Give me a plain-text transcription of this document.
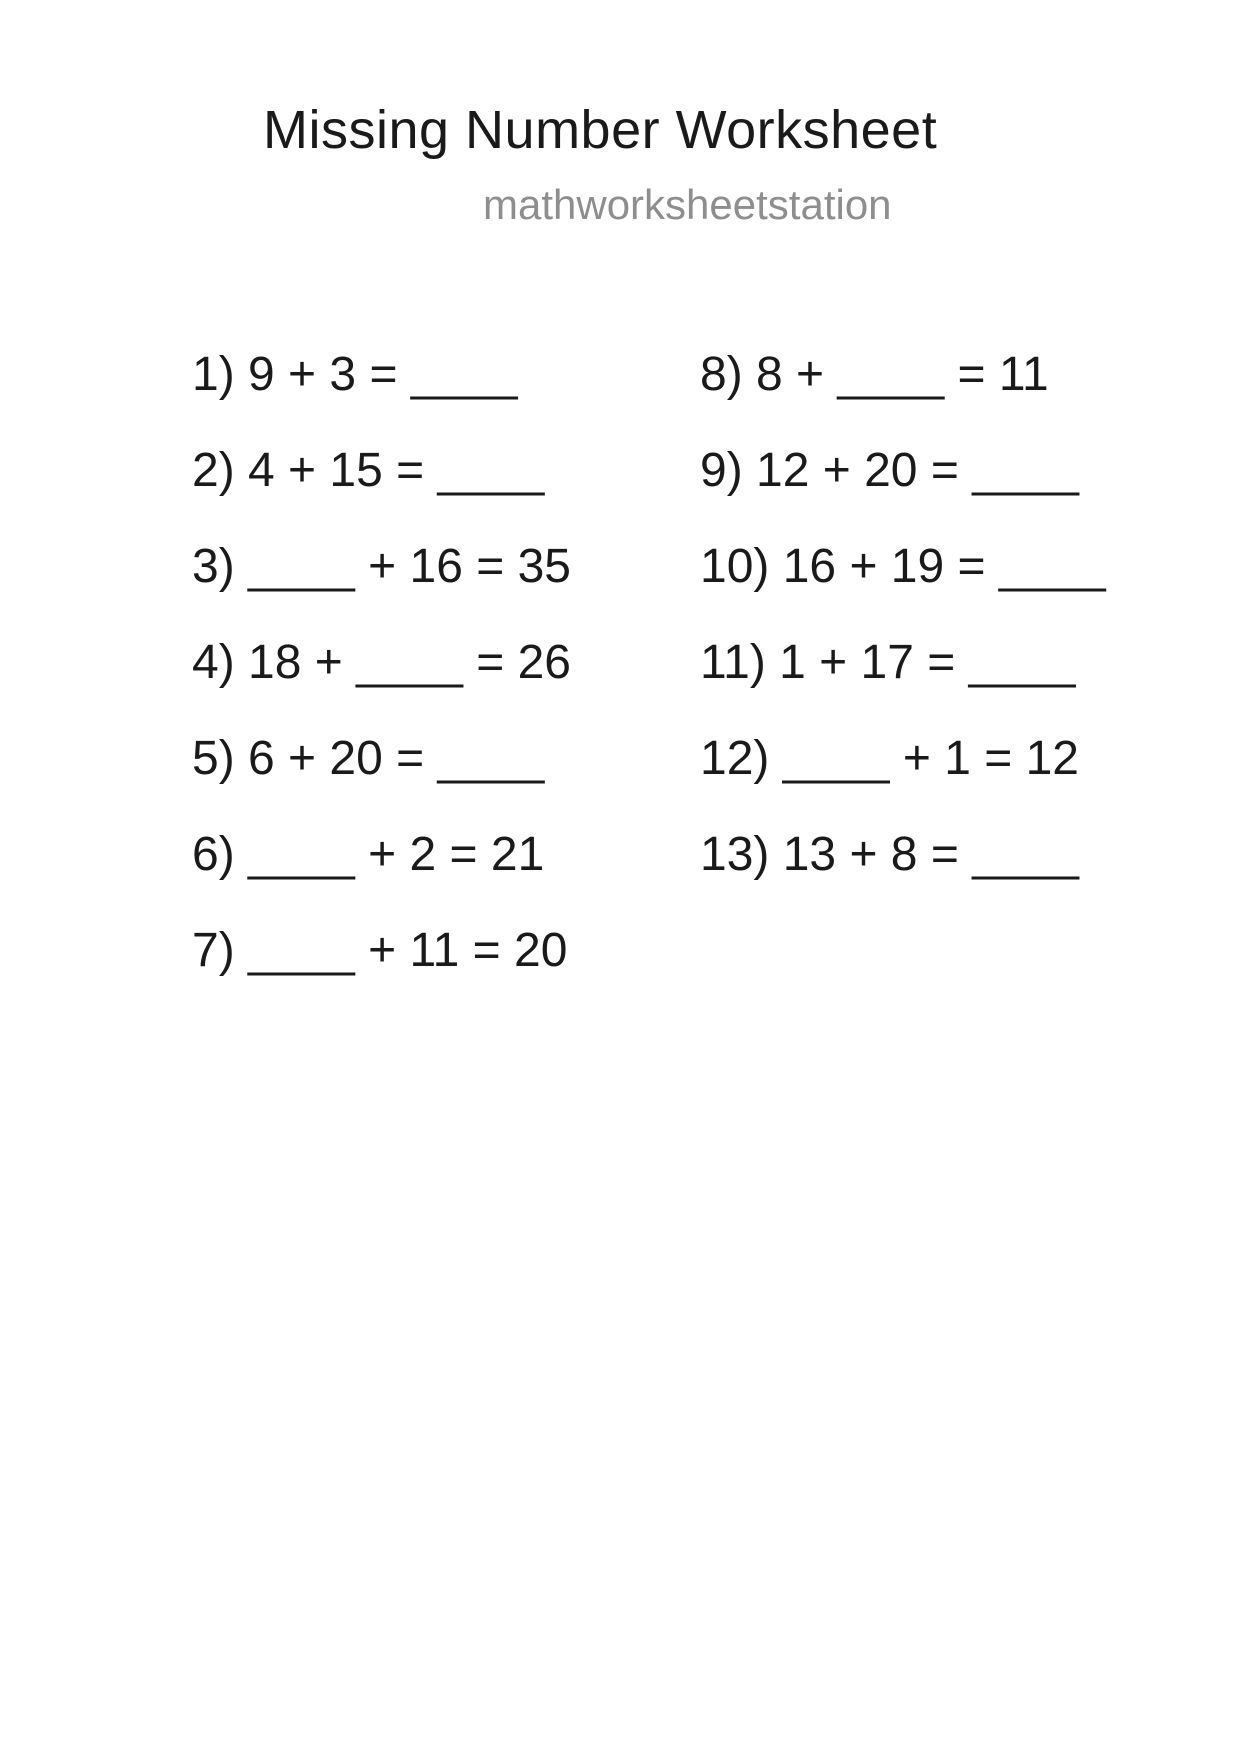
Missing Number Worksheet
mathworksheetstation
1) 9 + 3 = ____
2) 4 + 15 = ____
3) ____ + 16 = 35
4) 18 + ____ = 26
5) 6 + 20 = ____
6) ____ + 2 = 21
7) ____ + 11 = 20
8) 8 + ____ = 11
9) 12 + 20 = ____
10) 16 + 19 = ____
11) 1 + 17 = ____
12) ____ + 1 = 12
13) 13 + 8 = ____
